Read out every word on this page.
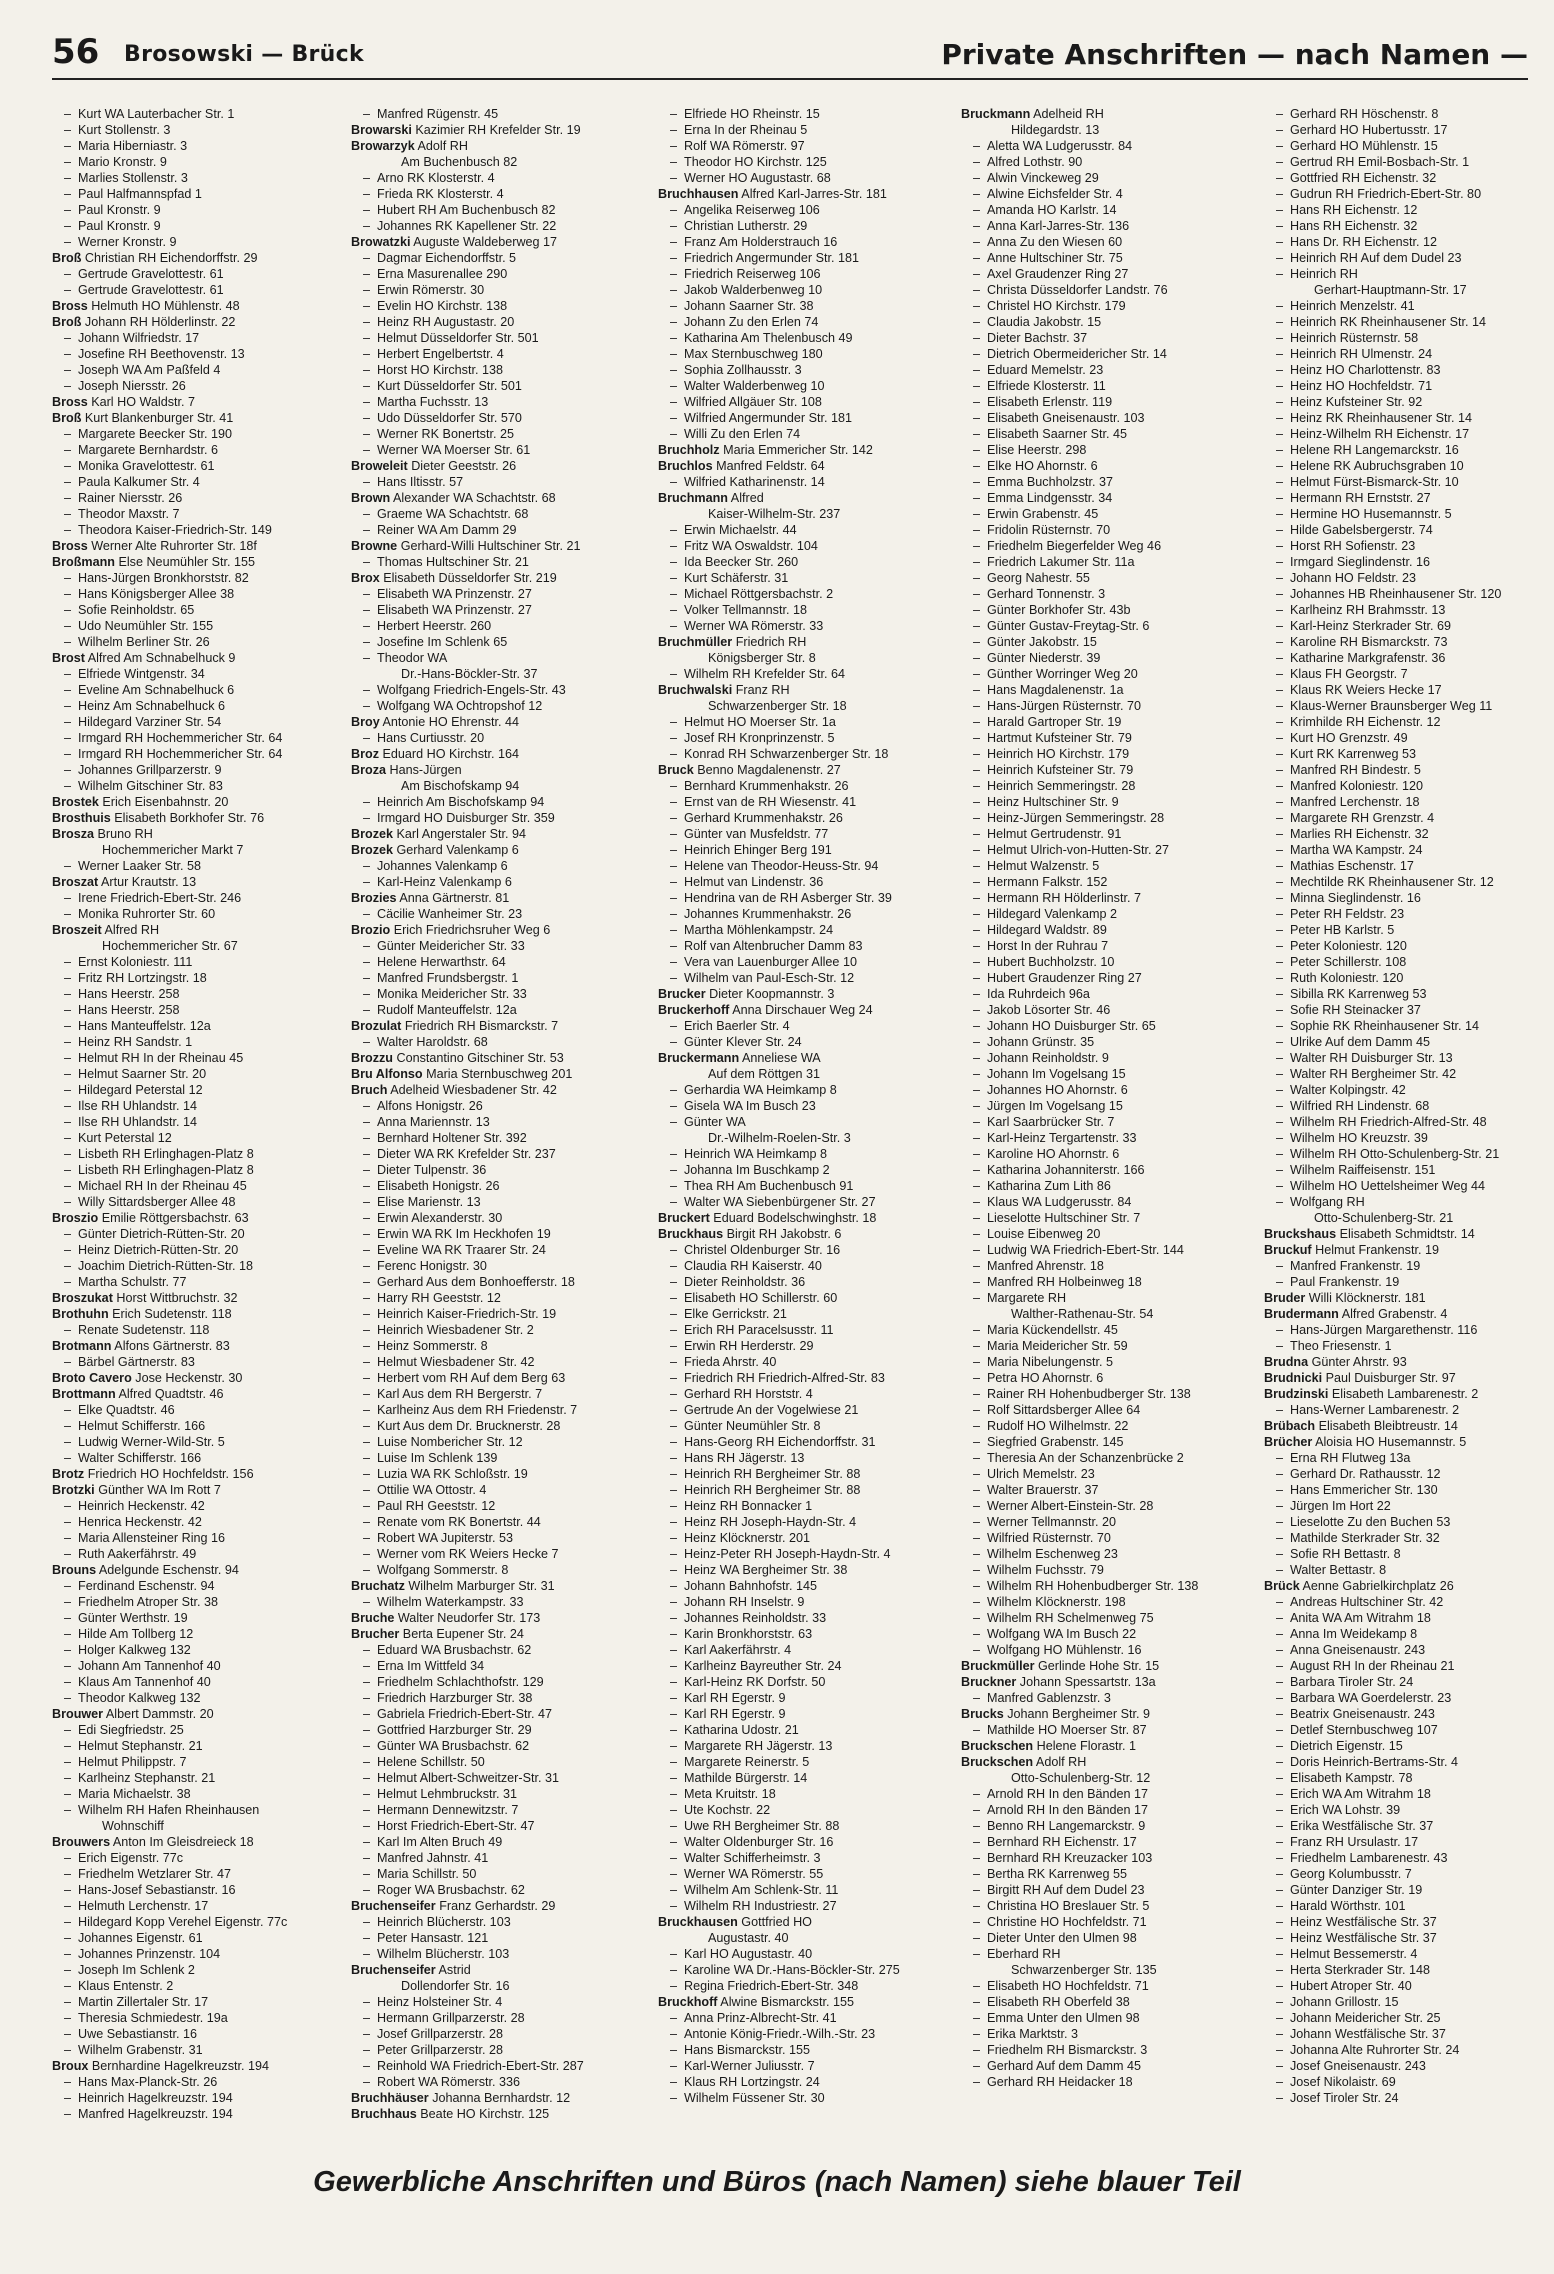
56 Brosowski — Brück	Private Anschriften — nach Namen —
– Kurt WA Lauterbacher Str. 1
– Kurt Stollenstr. 3
– Maria Hiberniastr. 3
– Mario Kronstr. 9
– Marlies Stollenstr. 3
– Paul Halfmannspfad 1
– Paul Kronstr. 9
– Paul Kronstr. 9
– Werner Kronstr. 9
Broß Christian RH Eichendorffstr. 29
– Gertrude Gravelottestr. 61
– Gertrude Gravelottestr. 61
Bross Helmuth HO Mühlenstr. 48
Broß Johann RH Hölderlinstr. 22
– Johann Wilfriedstr. 17
– Josefine RH Beethovenstr. 13
– Joseph WA Am Paßfeld 4
– Joseph Niersstr. 26
Bross Karl HO Waldstr. 7
Broß Kurt Blankenburger Str. 41
– Margarete Beecker Str. 190
– Margarete Bernhardstr. 6
– Monika Gravelottestr. 61
– Paula Kalkumer Str. 4
– Rainer Niersstr. 26
– Theodor Maxstr. 7
– Theodora Kaiser-Friedrich-Str. 149
Bross Werner Alte Ruhrorter Str. 18f
Broßmann Else Neumühler Str. 155
– Hans-Jürgen Bronkhorststr. 82
– Hans Königsberger Allee 38
– Sofie Reinholdstr. 65
– Udo Neumühler Str. 155
– Wilhelm Berliner Str. 26
Brost Alfred Am Schnabelhuck 9
– Elfriede Wintgenstr. 34
– Eveline Am Schnabelhuck 6
– Heinz Am Schnabelhuck 6
– Hildegard Varziner Str. 54
– Irmgard RH Hochemmericher Str. 64
– Irmgard RH Hochemmericher Str. 64
– Johannes Grillparzerstr. 9
– Wilhelm Gitschiner Str. 83
Brostek Erich Eisenbahnstr. 20
Brosthuis Elisabeth Borkhofer Str. 76
Brosza Bruno RH
Hochemmericher Markt 7
– Werner Laaker Str. 58
Broszat Artur Krautstr. 13
– Irene Friedrich-Ebert-Str. 246
– Monika Ruhrorter Str. 60
Broszeit Alfred RH
Hochemmericher Str. 67
– Ernst Koloniestr. 111
– Fritz RH Lortzingstr. 18
– Hans Heerstr. 258
– Hans Heerstr. 258
– Hans Manteuffelstr. 12a
– Heinz RH Sandstr. 1
– Helmut RH In der Rheinau 45
– Helmut Saarner Str. 20
– Hildegard Peterstal 12
– Ilse RH Uhlandstr. 14
– Ilse RH Uhlandstr. 14
– Kurt Peterstal 12
– Lisbeth RH Erlinghagen-Platz 8
– Lisbeth RH Erlinghagen-Platz 8
– Michael RH In der Rheinau 45
– Willy Sittardsberger Allee 48
Broszio Emilie Röttgersbachstr. 63
– Günter Dietrich-Rütten-Str. 20
– Heinz Dietrich-Rütten-Str. 20
– Joachim Dietrich-Rütten-Str. 18
– Martha Schulstr. 77
Broszukat Horst Wittbruchstr. 32
Brothuhn Erich Sudetenstr. 118
– Renate Sudetenstr. 118
Brotmann Alfons Gärtnerstr. 83
– Bärbel Gärtnerstr. 83
Broto Cavero Jose Heckenstr. 30
Brottmann Alfred Quadtstr. 46
– Elke Quadtstr. 46
– Helmut Schifferstr. 166
– Ludwig Werner-Wild-Str. 5
– Walter Schifferstr. 166
Brotz Friedrich HO Hochfeldstr. 156
Brotzki Günther WA Im Rott 7
– Heinrich Heckenstr. 42
– Henrica Heckenstr. 42
– Maria Allensteiner Ring 16
– Ruth Aakerfährstr. 49
Brouns Adelgunde Eschenstr. 94
– Ferdinand Eschenstr. 94
– Friedhelm Atroper Str. 38
– Günter Werthstr. 19
– Hilde Am Tollberg 12
– Holger Kalkweg 132
– Johann Am Tannenhof 40
– Klaus Am Tannenhof 40
– Theodor Kalkweg 132
Brouwer Albert Dammstr. 20
– Edi Siegfriedstr. 25
– Helmut Stephanstr. 21
– Helmut Philippstr. 7
– Karlheinz Stephanstr. 21
– Maria Michaelstr. 38
– Wilhelm RH Hafen Rheinhausen
Wohnschiff
Brouwers Anton Im Gleisdreieck 18
– Erich Eigenstr. 77c
– Friedhelm Wetzlarer Str. 47
– Hans-Josef Sebastianstr. 16
– Helmuth Lerchenstr. 17
– Hildegard Kopp Verehel Eigenstr. 77c
– Johannes Eigenstr. 61
– Johannes Prinzenstr. 104
– Joseph Im Schlenk 2
– Klaus Entenstr. 2
– Martin Zillertaler Str. 17
– Theresia Schmiedestr. 19a
– Uwe Sebastianstr. 16
– Wilhelm Grabenstr. 31
Broux Bernhardine Hagelkreuzstr. 194
– Hans Max-Planck-Str. 26
– Heinrich Hagelkreuzstr. 194
– Manfred Hagelkreuzstr. 194
– Manfred Rügenstr. 45
Browarski Kazimier RH Krefelder Str. 19
Browarzyk Adolf RH
Am Buchenbusch 82
– Arno RK Klosterstr. 4
– Frieda RK Klosterstr. 4
– Hubert RH Am Buchenbusch 82
– Johannes RK Kapellener Str. 22
Browatzki Auguste Waldeberweg 17
– Dagmar Eichendorffstr. 5
– Erna Masurenallee 290
– Erwin Römerstr. 30
– Evelin HO Kirchstr. 138
– Heinz RH Augustastr. 20
– Helmut Düsseldorfer Str. 501
– Herbert Engelbertstr. 4
– Horst HO Kirchstr. 138
– Kurt Düsseldorfer Str. 501
– Martha Fuchsstr. 13
– Udo Düsseldorfer Str. 570
– Werner RK Bonertstr. 25
– Werner WA Moerser Str. 61
Broweleit Dieter Geeststr. 26
– Hans Iltisstr. 57
Brown Alexander WA Schachtstr. 68
– Graeme WA Schachtstr. 68
– Reiner WA Am Damm 29
Browne Gerhard-Willi Hultschiner Str. 21
– Thomas Hultschiner Str. 21
Brox Elisabeth Düsseldorfer Str. 219
– Elisabeth WA Prinzenstr. 27
– Elisabeth WA Prinzenstr. 27
– Herbert Heerstr. 260
– Josefine Im Schlenk 65
– Theodor WA
Dr.-Hans-Böckler-Str. 37
– Wolfgang Friedrich-Engels-Str. 43
– Wolfgang WA Ochtropshof 12
Broy Antonie HO Ehrenstr. 44
– Hans Curtiusstr. 20
Broz Eduard HO Kirchstr. 164
Broza Hans-Jürgen
Am Bischofskamp 94
– Heinrich Am Bischofskamp 94
– Irmgard HO Duisburger Str. 359
Brozek Karl Angerstaler Str. 94
Brozek Gerhard Valenkamp 6
– Johannes Valenkamp 6
– Karl-Heinz Valenkamp 6
Brozies Anna Gärtnerstr. 81
– Cäcilie Wanheimer Str. 23
Brozio Erich Friedrichsruher Weg 6
– Günter Meidericher Str. 33
– Helene Herwarthstr. 64
– Manfred Frundsbergstr. 1
– Monika Meidericher Str. 33
– Rudolf Manteuffelstr. 12a
Brozulat Friedrich RH Bismarckstr. 7
– Walter Haroldstr. 68
Brozzu Constantino Gitschiner Str. 53
Bru Alfonso Maria Sternbuschweg 201
Bruch Adelheid Wiesbadener Str. 42
– Alfons Honigstr. 26
– Anna Mariennstr. 13
– Bernhard Holtener Str. 392
– Dieter WA RK Krefelder Str. 237
– Dieter Tulpenstr. 36
– Elisabeth Honigstr. 26
– Elise Marienstr. 13
– Erwin Alexanderstr. 30
– Erwin WA RK Im Heckhofen 19
– Eveline WA RK Traarer Str. 24
– Ferenc Honigstr. 30
– Gerhard Aus dem Bonhoefferstr. 18
– Harry RH Geeststr. 12
– Heinrich Kaiser-Friedrich-Str. 19
– Heinrich Wiesbadener Str. 2
– Heinz Sommerstr. 8
– Helmut Wiesbadener Str. 42
– Herbert vom RH Auf dem Berg 63
– Karl Aus dem RH Bergerstr. 7
– Karlheinz Aus dem RH Friedenstr. 7
– Kurt Aus dem Dr. Brucknerstr. 28
– Luise Nombericher Str. 12
– Luise Im Schlenk 139
– Luzia WA RK Schloßstr. 19
– Ottilie WA Ottostr. 4
– Paul RH Geeststr. 12
– Renate vom RK Bonertstr. 44
– Robert WA Jupiterstr. 53
– Werner vom RK Weiers Hecke 7
– Wolfgang Sommerstr. 8
Bruchatz Wilhelm Marburger Str. 31
– Wilhelm Waterkampstr. 33
Bruche Walter Neudorfer Str. 173
Brucher Berta Eupener Str. 24
– Eduard WA Brusbachstr. 62
– Erna Im Wittfeld 34
– Friedhelm Schlachthofstr. 129
– Friedrich Harzburger Str. 38
– Gabriela Friedrich-Ebert-Str. 47
– Gottfried Harzburger Str. 29
– Günter WA Brusbachstr. 62
– Helene Schillstr. 50
– Helmut Albert-Schweitzer-Str. 31
– Helmut Lehmbruckstr. 31
– Hermann Dennewitzstr. 7
– Horst Friedrich-Ebert-Str. 47
– Karl Im Alten Bruch 49
– Manfred Jahnstr. 41
– Maria Schillstr. 50
– Roger WA Brusbachstr. 62
Bruchenseifer Franz Gerhardstr. 29
– Heinrich Blücherstr. 103
– Peter Hansastr. 121
– Wilhelm Blücherstr. 103
Bruchenseifer Astrid
Dollendorfer Str. 16
– Heinz Holsteiner Str. 4
– Hermann Grillparzerstr. 28
– Josef Grillparzerstr. 28
– Peter Grillparzerstr. 28
– Reinhold WA Friedrich-Ebert-Str. 287
– Robert WA Römerstr. 336
Bruchhäuser Johanna Bernhardstr. 12
Bruchhaus Beate HO Kirchstr. 125
– Elfriede HO Rheinstr. 15
– Erna In der Rheinau 5
– Rolf WA Römerstr. 97
– Theodor HO Kirchstr. 125
– Werner HO Augustastr. 68
Bruchhausen Alfred Karl-Jarres-Str. 181
– Angelika Reiserweg 106
– Christian Lutherstr. 29
– Franz Am Holderstrauch 16
– Friedrich Angermunder Str. 181
– Friedrich Reiserweg 106
– Jakob Walderbenweg 10
– Johann Saarner Str. 38
– Johann Zu den Erlen 74
– Katharina Am Thelenbusch 49
– Max Sternbuschweg 180
– Sophia Zollhausstr. 3
– Walter Walderbenweg 10
– Wilfried Allgäuer Str. 108
– Wilfried Angermunder Str. 181
– Willi Zu den Erlen 74
Bruchholz Maria Emmericher Str. 142
Bruchlos Manfred Feldstr. 64
– Wilfried Katharinenstr. 14
Bruchmann Alfred
Kaiser-Wilhelm-Str. 237
– Erwin Michaelstr. 44
– Fritz WA Oswaldstr. 104
– Ida Beecker Str. 260
– Kurt Schäferstr. 31
– Michael Röttgersbachstr. 2
– Volker Tellmannstr. 18
– Werner WA Römerstr. 33
Bruchmüller Friedrich RH
Königsberger Str. 8
– Wilhelm RH Krefelder Str. 64
Bruchwalski Franz RH
Schwarzenberger Str. 18
– Helmut HO Moerser Str. 1a
– Josef RH Kronprinzenstr. 5
– Konrad RH Schwarzenberger Str. 18
Bruck Benno Magdalenenstr. 27
– Bernhard Krummenhakstr. 26
– Ernst van de RH Wiesenstr. 41
– Gerhard Krummenhakstr. 26
– Günter van Musfeldstr. 77
– Heinrich Ehinger Berg 191
– Helene van Theodor-Heuss-Str. 94
– Helmut van Lindenstr. 36
– Hendrina van de RH Asberger Str. 39
– Johannes Krummenhakstr. 26
– Martha Möhlenkampstr. 24
– Rolf van Altenbrucher Damm 83
– Vera van Lauenburger Allee 10
– Wilhelm van Paul-Esch-Str. 12
Brucker Dieter Koopmannstr. 3
Bruckerhoff Anna Dirschauer Weg 24
– Erich Baerler Str. 4
– Günter Klever Str. 24
Bruckermann Anneliese WA
Auf dem Röttgen 31
– Gerhardia WA Heimkamp 8
– Gisela WA Im Busch 23
– Günter WA
Dr.-Wilhelm-Roelen-Str. 3
– Heinrich WA Heimkamp 8
– Johanna Im Buschkamp 2
– Thea RH Am Buchenbusch 91
– Walter WA Siebenbürgener Str. 27
Bruckert Eduard Bodelschwinghstr. 18
Bruckhaus Birgit RH Jakobstr. 6
– Christel Oldenburger Str. 16
– Claudia RH Kaiserstr. 40
– Dieter Reinholdstr. 36
– Elisabeth HO Schillerstr. 60
– Elke Gerrickstr. 21
– Erich RH Paracelsusstr. 11
– Erwin RH Herderstr. 29
– Frieda Ahrstr. 40
– Friedrich RH Friedrich-Alfred-Str. 83
– Gerhard RH Horststr. 4
– Gertrude An der Vogelwiese 21
– Günter Neumühler Str. 8
– Hans-Georg RH Eichendorffstr. 31
– Hans RH Jägerstr. 13
– Heinrich RH Bergheimer Str. 88
– Heinrich RH Bergheimer Str. 88
– Heinz RH Bonnacker 1
– Heinz RH Joseph-Haydn-Str. 4
– Heinz Klöcknerstr. 201
– Heinz-Peter RH Joseph-Haydn-Str. 4
– Heinz WA Bergheimer Str. 38
– Johann Bahnhofstr. 145
– Johann RH Inselstr. 9
– Johannes Reinholdstr. 33
– Karin Bronkhorststr. 63
– Karl Aakerfährstr. 4
– Karlheinz Bayreuther Str. 24
– Karl-Heinz RK Dorfstr. 50
– Karl RH Egerstr. 9
– Karl RH Egerstr. 9
– Katharina Udostr. 21
– Margarete RH Jägerstr. 13
– Margarete Reinerstr. 5
– Mathilde Bürgerstr. 14
– Meta Kruitstr. 18
– Ute Kochstr. 22
– Uwe RH Bergheimer Str. 88
– Walter Oldenburger Str. 16
– Walter Schifferheimstr. 3
– Werner WA Römerstr. 55
– Wilhelm Am Schlenk-Str. 11
– Wilhelm RH Industriestr. 27
Bruckhausen Gottfried HO
Augustastr. 40
– Karl HO Augustastr. 40
– Karoline WA Dr.-Hans-Böckler-Str. 275
– Regina Friedrich-Ebert-Str. 348
Bruckhoff Alwine Bismarckstr. 155
– Anna Prinz-Albrecht-Str. 41
– Antonie König-Friedr.-Wilh.-Str. 23
– Hans Bismarckstr. 155
– Karl-Werner Juliusstr. 7
– Klaus RH Lortzingstr. 24
– Wilhelm Füssener Str. 30
Bruckmann Adelheid RH
Hildegardstr. 13
– Aletta WA Ludgerusstr. 84
– Alfred Lothstr. 90
– Alwin Vinckeweg 29
– Alwine Eichsfelder Str. 4
– Amanda HO Karlstr. 14
– Anna Karl-Jarres-Str. 136
– Anna Zu den Wiesen 60
– Anne Hultschiner Str. 75
– Axel Graudenzer Ring 27
– Christa Düsseldorfer Landstr. 76
– Christel HO Kirchstr. 179
– Claudia Jakobstr. 15
– Dieter Bachstr. 37
– Dietrich Obermeidericher Str. 14
– Eduard Memelstr. 23
– Elfriede Klosterstr. 11
– Elisabeth Erlenstr. 119
– Elisabeth Gneisenaustr. 103
– Elisabeth Saarner Str. 45
– Elise Heerstr. 298
– Elke HO Ahornstr. 6
– Emma Buchholzstr. 37
– Emma Lindgensstr. 34
– Erwin Grabenstr. 45
– Fridolin Rüsternstr. 70
– Friedhelm Biegerfelder Weg 46
– Friedrich Lakumer Str. 11a
– Georg Nahestr. 55
– Gerhard Tonnenstr. 3
– Günter Borkhofer Str. 43b
– Günter Gustav-Freytag-Str. 6
– Günter Jakobstr. 15
– Günter Niederstr. 39
– Günther Worringer Weg 20
– Hans Magdalenenstr. 1a
– Hans-Jürgen Rüsternstr. 70
– Harald Gartroper Str. 19
– Hartmut Kufsteiner Str. 79
– Heinrich HO Kirchstr. 179
– Heinrich Kufsteiner Str. 79
– Heinrich Semmeringstr. 28
– Heinz Hultschiner Str. 9
– Heinz-Jürgen Semmeringstr. 28
– Helmut Gertrudenstr. 91
– Helmut Ulrich-von-Hutten-Str. 27
– Helmut Walzenstr. 5
– Hermann Falkstr. 152
– Hermann RH Hölderlinstr. 7
– Hildegard Valenkamp 2
– Hildegard Waldstr. 89
– Horst In der Ruhrau 7
– Hubert Buchholzstr. 10
– Hubert Graudenzer Ring 27
– Ida Ruhrdeich 96a
– Jakob Lösorter Str. 46
– Johann HO Duisburger Str. 65
– Johann Grünstr. 35
– Johann Reinholdstr. 9
– Johann Im Vogelsang 15
– Johannes HO Ahornstr. 6
– Jürgen Im Vogelsang 15
– Karl Saarbrücker Str. 7
– Karl-Heinz Tergartenstr. 33
– Karoline HO Ahornstr. 6
– Katharina Johanniterstr. 166
– Katharina Zum Lith 86
– Klaus WA Ludgerusstr. 84
– Lieselotte Hultschiner Str. 7
– Louise Eibenweg 20
– Ludwig WA Friedrich-Ebert-Str. 144
– Manfred Ahrenstr. 18
– Manfred RH Holbeinweg 18
– Margarete RH
Walther-Rathenau-Str. 54
– Maria Kückendellstr. 45
– Maria Meidericher Str. 59
– Maria Nibelungenstr. 5
– Petra HO Ahornstr. 6
– Rainer RH Hohenbudberger Str. 138
– Rolf Sittardsberger Allee 64
– Rudolf HO Wilhelmstr. 22
– Siegfried Grabenstr. 145
– Theresia An der Schanzenbrücke 2
– Ulrich Memelstr. 23
– Walter Brauerstr. 37
– Werner Albert-Einstein-Str. 28
– Werner Tellmannstr. 20
– Wilfried Rüsternstr. 70
– Wilhelm Eschenweg 23
– Wilhelm Fuchsstr. 79
– Wilhelm RH Hohenbudberger Str. 138
– Wilhelm Klöcknerstr. 198
– Wilhelm RH Schelmenweg 75
– Wolfgang WA Im Busch 22
– Wolfgang HO Mühlenstr. 16
Bruckmüller Gerlinde Hohe Str. 15
Bruckner Johann Spessartstr. 13a
– Manfred Gablenzstr. 3
Brucks Johann Bergheimer Str. 9
– Mathilde HO Moerser Str. 87
Bruckschen Helene Florastr. 1
Bruckschen Adolf RH
Otto-Schulenberg-Str. 12
– Arnold RH In den Bänden 17
– Arnold RH In den Bänden 17
– Benno RH Langemarckstr. 9
– Bernhard RH Eichenstr. 17
– Bernhard RH Kreuzacker 103
– Bertha RK Karrenweg 55
– Birgitt RH Auf dem Dudel 23
– Christina HO Breslauer Str. 5
– Christine HO Hochfeldstr. 71
– Dieter Unter den Ulmen 98
– Eberhard RH
Schwarzenberger Str. 135
– Elisabeth HO Hochfeldstr. 71
– Elisabeth RH Oberfeld 38
– Emma Unter den Ulmen 98
– Erika Marktstr. 3
– Friedhelm RH Bismarckstr. 3
– Gerhard Auf dem Damm 45
– Gerhard RH Heidacker 18
– Gerhard RH Höschenstr. 8
– Gerhard HO Hubertusstr. 17
– Gerhard HO Mühlenstr. 15
– Gertrud RH Emil-Bosbach-Str. 1
– Gottfried RH Eichenstr. 32
– Gudrun RH Friedrich-Ebert-Str. 80
– Hans RH Eichenstr. 12
– Hans RH Eichenstr. 32
– Hans Dr. RH Eichenstr. 12
– Heinrich RH Auf dem Dudel 23
– Heinrich RH
Gerhart-Hauptmann-Str. 17
– Heinrich Menzelstr. 41
– Heinrich RK Rheinhausener Str. 14
– Heinrich Rüsternstr. 58
– Heinrich RH Ulmenstr. 24
– Heinz HO Charlottenstr. 83
– Heinz HO Hochfeldstr. 71
– Heinz Kufsteiner Str. 92
– Heinz RK Rheinhausener Str. 14
– Heinz-Wilhelm RH Eichenstr. 17
– Helene RH Langemarckstr. 16
– Helene RK Aubruchsgraben 10
– Helmut Fürst-Bismarck-Str. 10
– Hermann RH Ernststr. 27
– Hermine HO Husemannstr. 5
– Hilde Gabelsbergerstr. 74
– Horst RH Sofienstr. 23
– Irmgard Sieglindenstr. 16
– Johann HO Feldstr. 23
– Johannes HB Rheinhausener Str. 120
– Karlheinz RH Brahmsstr. 13
– Karl-Heinz Sterkrader Str. 69
– Karoline RH Bismarckstr. 73
– Katharine Markgrafenstr. 36
– Klaus FH Georgstr. 7
– Klaus RK Weiers Hecke 17
– Klaus-Werner Braunsberger Weg 11
– Krimhilde RH Eichenstr. 12
– Kurt HO Grenzstr. 49
– Kurt RK Karrenweg 53
– Manfred RH Bindestr. 5
– Manfred Koloniestr. 120
– Manfred Lerchenstr. 18
– Margarete RH Grenzstr. 4
– Marlies RH Eichenstr. 32
– Martha WA Kampstr. 24
– Mathias Eschenstr. 17
– Mechtilde RK Rheinhausener Str. 12
– Minna Sieglindenstr. 16
– Peter RH Feldstr. 23
– Peter HB Karlstr. 5
– Peter Koloniestr. 120
– Peter Schillerstr. 108
– Ruth Koloniestr. 120
– Sibilla RK Karrenweg 53
– Sofie RH Steinacker 37
– Sophie RK Rheinhausener Str. 14
– Ulrike Auf dem Damm 45
– Walter RH Duisburger Str. 13
– Walter RH Bergheimer Str. 42
– Walter Kolpingstr. 42
– Wilfried RH Lindenstr. 68
– Wilhelm RH Friedrich-Alfred-Str. 48
– Wilhelm HO Kreuzstr. 39
– Wilhelm RH Otto-Schulenberg-Str. 21
– Wilhelm Raiffeisenstr. 151
– Wilhelm HO Uettelsheimer Weg 44
– Wolfgang RH
Otto-Schulenberg-Str. 21
Bruckshaus Elisabeth Schmidtstr. 14
Bruckuf Helmut Frankenstr. 19
– Manfred Frankenstr. 19
– Paul Frankenstr. 19
Bruder Willi Klöcknerstr. 181
Brudermann Alfred Grabenstr. 4
– Hans-Jürgen Margarethenstr. 116
– Theo Friesenstr. 1
Brudna Günter Ahrstr. 93
Brudnicki Paul Duisburger Str. 97
Brudzinski Elisabeth Lambarenestr. 2
– Hans-Werner Lambarenestr. 2
Brübach Elisabeth Bleibtreustr. 14
Brücher Aloisia HO Husemannstr. 5
– Erna RH Flutweg 13a
– Gerhard Dr. Rathausstr. 12
– Hans Emmericher Str. 130
– Jürgen Im Hort 22
– Lieselotte Zu den Buchen 53
– Mathilde Sterkrader Str. 32
– Sofie RH Bettastr. 8
– Walter Bettastr. 8
Brück Aenne Gabrielkirchplatz 26
– Andreas Hultschiner Str. 42
– Anita WA Am Witrahm 18
– Anna Im Weidekamp 8
– Anna Gneisenaustr. 243
– August RH In der Rheinau 21
– Barbara Tiroler Str. 24
– Barbara WA Goerdelerstr. 23
– Beatrix Gneisenaustr. 243
– Detlef Sternbuschweg 107
– Dietrich Eigenstr. 15
– Doris Heinrich-Bertrams-Str. 4
– Elisabeth Kampstr. 78
– Erich WA Am Witrahm 18
– Erich WA Lohstr. 39
– Erika Westfälische Str. 37
– Franz RH Ursulastr. 17
– Friedhelm Lambarenestr. 43
– Georg Kolumbusstr. 7
– Günter Danziger Str. 19
– Harald Wörthstr. 101
– Heinz Westfälische Str. 37
– Heinz Westfälische Str. 37
– Helmut Bessemerstr. 4
– Herta Sterkrader Str. 148
– Hubert Atroper Str. 40
– Johann Grillostr. 15
– Johann Meidericher Str. 25
– Johann Westfälische Str. 37
– Johanna Alte Ruhrorter Str. 24
– Josef Gneisenaustr. 243
– Josef Nikolaistr. 69
– Josef Tiroler Str. 24
Gewerbliche Anschriften und Büros (nach Namen) siehe blauer Teil
